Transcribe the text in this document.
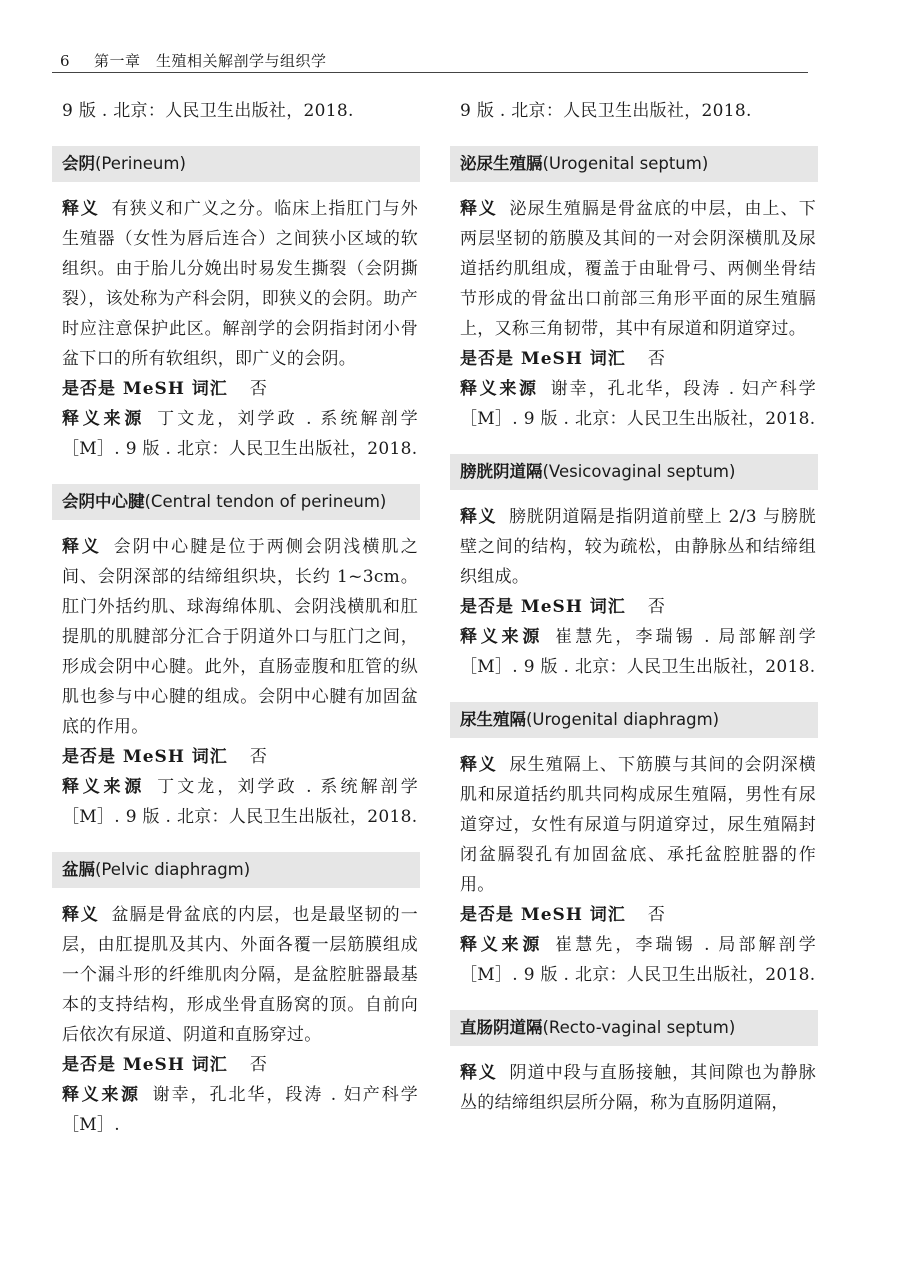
6 第一章　生殖相关解剖学与组织学

9 版 . 北京：人民卫生出版社，2018.

会阴(Perineum)

释义 有狭义和广义之分。临床上指肛门与外生殖器（女性为唇后连合）之间狭小区域的软组织。由于胎儿分娩出时易发生撕裂（会阴撕裂），该处称为产科会阴，即狭义的会阴。助产时应注意保护此区。解剖学的会阴指封闭小骨盆下口的所有软组织，即广义的会阴。

是否是 MeSH 词汇 否

释义来源 丁文龙，刘学政 . 系统解剖学［M］. 9 版 . 北京：人民卫生出版社，2018.

会阴中心腱(Central tendon of perineum)

释义 会阴中心腱是位于两侧会阴浅横肌之间、会阴深部的结缔组织块，长约 1~3cm。肛门外括约肌、球海绵体肌、会阴浅横肌和肛提肌的肌腱部分汇合于阴道外口与肛门之间，形成会阴中心腱。此外，直肠壶腹和肛管的纵肌也参与中心腱的组成。会阴中心腱有加固盆底的作用。

是否是 MeSH 词汇 否

释义来源 丁文龙，刘学政 . 系统解剖学［M］. 9 版 . 北京：人民卫生出版社，2018.

盆膈(Pelvic diaphragm)

释义 盆膈是骨盆底的内层，也是最坚韧的一层，由肛提肌及其内、外面各覆一层筋膜组成一个漏斗形的纤维肌肉分隔，是盆腔脏器最基本的支持结构，形成坐骨直肠窝的顶。自前向后依次有尿道、阴道和直肠穿过。

是否是 MeSH 词汇 否

释义来源 谢幸，孔北华，段涛 . 妇产科学［M］.

9 版 . 北京：人民卫生出版社，2018.

泌尿生殖膈(Urogenital septum)

释义 泌尿生殖膈是骨盆底的中层，由上、下两层坚韧的筋膜及其间的一对会阴深横肌及尿道括约肌组成，覆盖于由耻骨弓、两侧坐骨结节形成的骨盆出口前部三角形平面的尿生殖膈上，又称三角韧带，其中有尿道和阴道穿过。

是否是 MeSH 词汇 否

释义来源 谢幸，孔北华，段涛 . 妇产科学［M］. 9 版 . 北京：人民卫生出版社，2018.

膀胱阴道隔(Vesicovaginal septum)

释义 膀胱阴道隔是指阴道前壁上 2/3 与膀胱壁之间的结构，较为疏松，由静脉丛和结缔组织组成。

是否是 MeSH 词汇 否

释义来源 崔慧先，李瑞锡 . 局部解剖学［M］. 9 版 . 北京：人民卫生出版社，2018.

尿生殖隔(Urogenital diaphragm)

释义 尿生殖隔上、下筋膜与其间的会阴深横肌和尿道括约肌共同构成尿生殖隔，男性有尿道穿过，女性有尿道与阴道穿过，尿生殖隔封闭盆膈裂孔有加固盆底、承托盆腔脏器的作用。

是否是 MeSH 词汇 否

释义来源 崔慧先，李瑞锡 . 局部解剖学［M］. 9 版 . 北京：人民卫生出版社，2018.

直肠阴道隔(Recto-vaginal septum)

释义 阴道中段与直肠接触，其间隙也为静脉丛的结缔组织层所分隔，称为直肠阴道隔，
